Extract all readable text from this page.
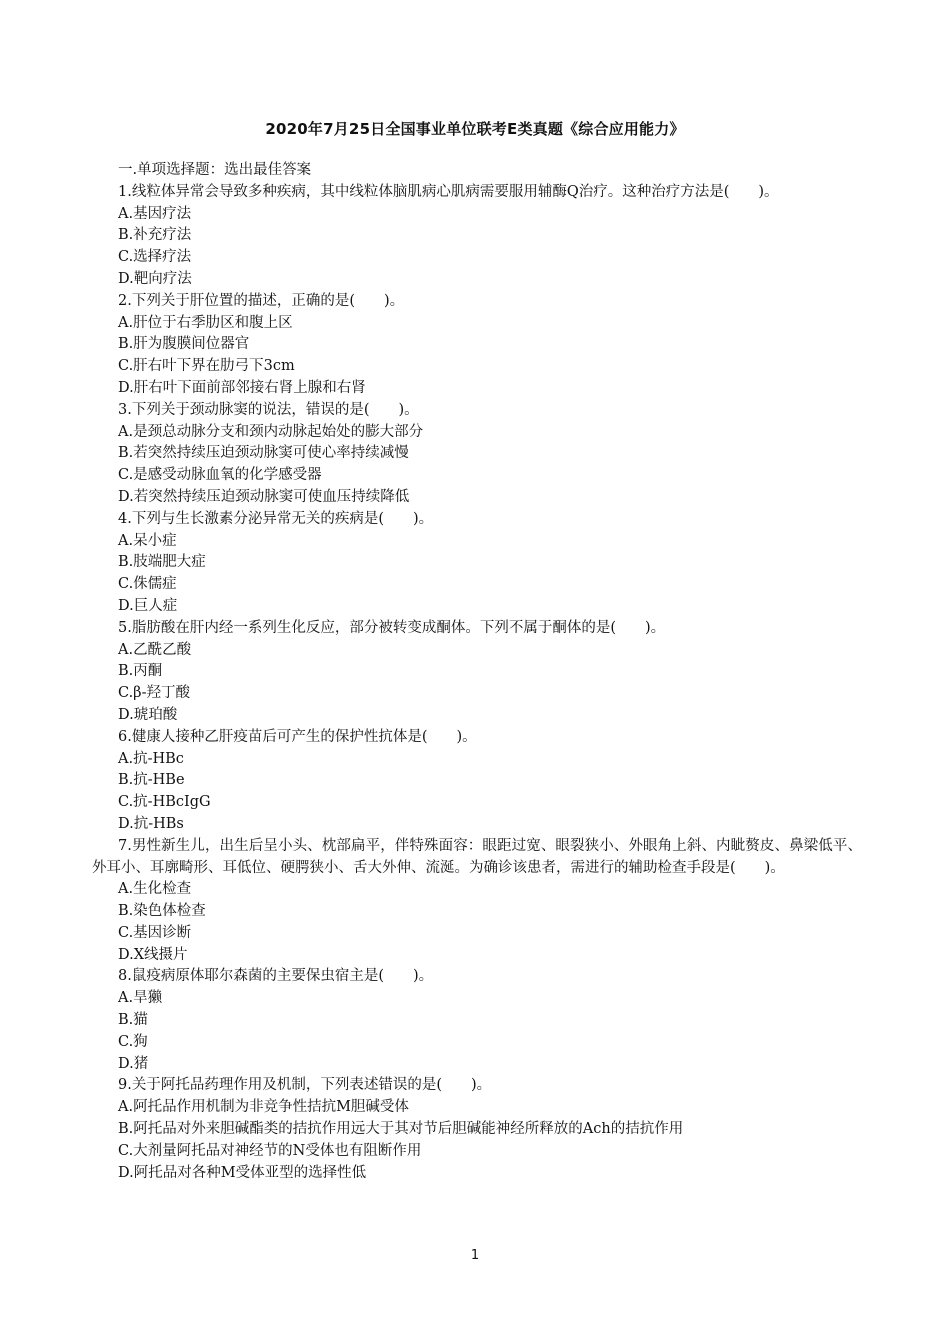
2020年7月25日全国事业单位联考E类真题《综合应用能力》
一.单项选择题：选出最佳答案
1.线粒体异常会导致多种疾病，其中线粒体脑肌病心肌病需要服用辅酶Q治疗。这种治疗方法是(　　)。
A.基因疗法
B.补充疗法
C.选择疗法
D.靶向疗法
2.下列关于肝位置的描述，正确的是(　　)。
A.肝位于右季肋区和腹上区
B.肝为腹膜间位器官
C.肝右叶下界在肋弓下3cm
D.肝右叶下面前部邻接右肾上腺和右肾
3.下列关于颈动脉窦的说法，错误的是(　　)。
A.是颈总动脉分支和颈内动脉起始处的膨大部分
B.若突然持续压迫颈动脉窦可使心率持续减慢
C.是感受动脉血氧的化学感受器
D.若突然持续压迫颈动脉窦可使血压持续降低
4.下列与生长激素分泌异常无关的疾病是(　　)。
A.呆小症
B.肢端肥大症
C.侏儒症
D.巨人症
5.脂肪酸在肝内经一系列生化反应，部分被转变成酮体。下列不属于酮体的是(　　)。
A.乙酰乙酸
B.丙酮
C.β-羟丁酸
D.琥珀酸
6.健康人接种乙肝疫苗后可产生的保护性抗体是(　　)。
A.抗-HBc
B.抗-HBe
C.抗-HBcIgG
D.抗-HBs
7.男性新生儿，出生后呈小头、枕部扁平，伴特殊面容：眼距过宽、眼裂狭小、外眼角上斜、内眦赘皮、鼻梁低平、外耳小、耳廓畸形、耳低位、硬腭狭小、舌大外伸、流涎。为确诊该患者，需进行的辅助检查手段是(　　)。
A.生化检查
B.染色体检查
C.基因诊断
D.X线摄片
8.鼠疫病原体耶尔森菌的主要保虫宿主是(　　)。
A.旱獭
B.猫
C.狗
D.猪
9.关于阿托品药理作用及机制，下列表述错误的是(　　)。
A.阿托品作用机制为非竞争性拮抗M胆碱受体
B.阿托品对外来胆碱酯类的拮抗作用远大于其对节后胆碱能神经所释放的Ach的拮抗作用
C.大剂量阿托品对神经节的N受体也有阻断作用
D.阿托品对各种M受体亚型的选择性低
1
